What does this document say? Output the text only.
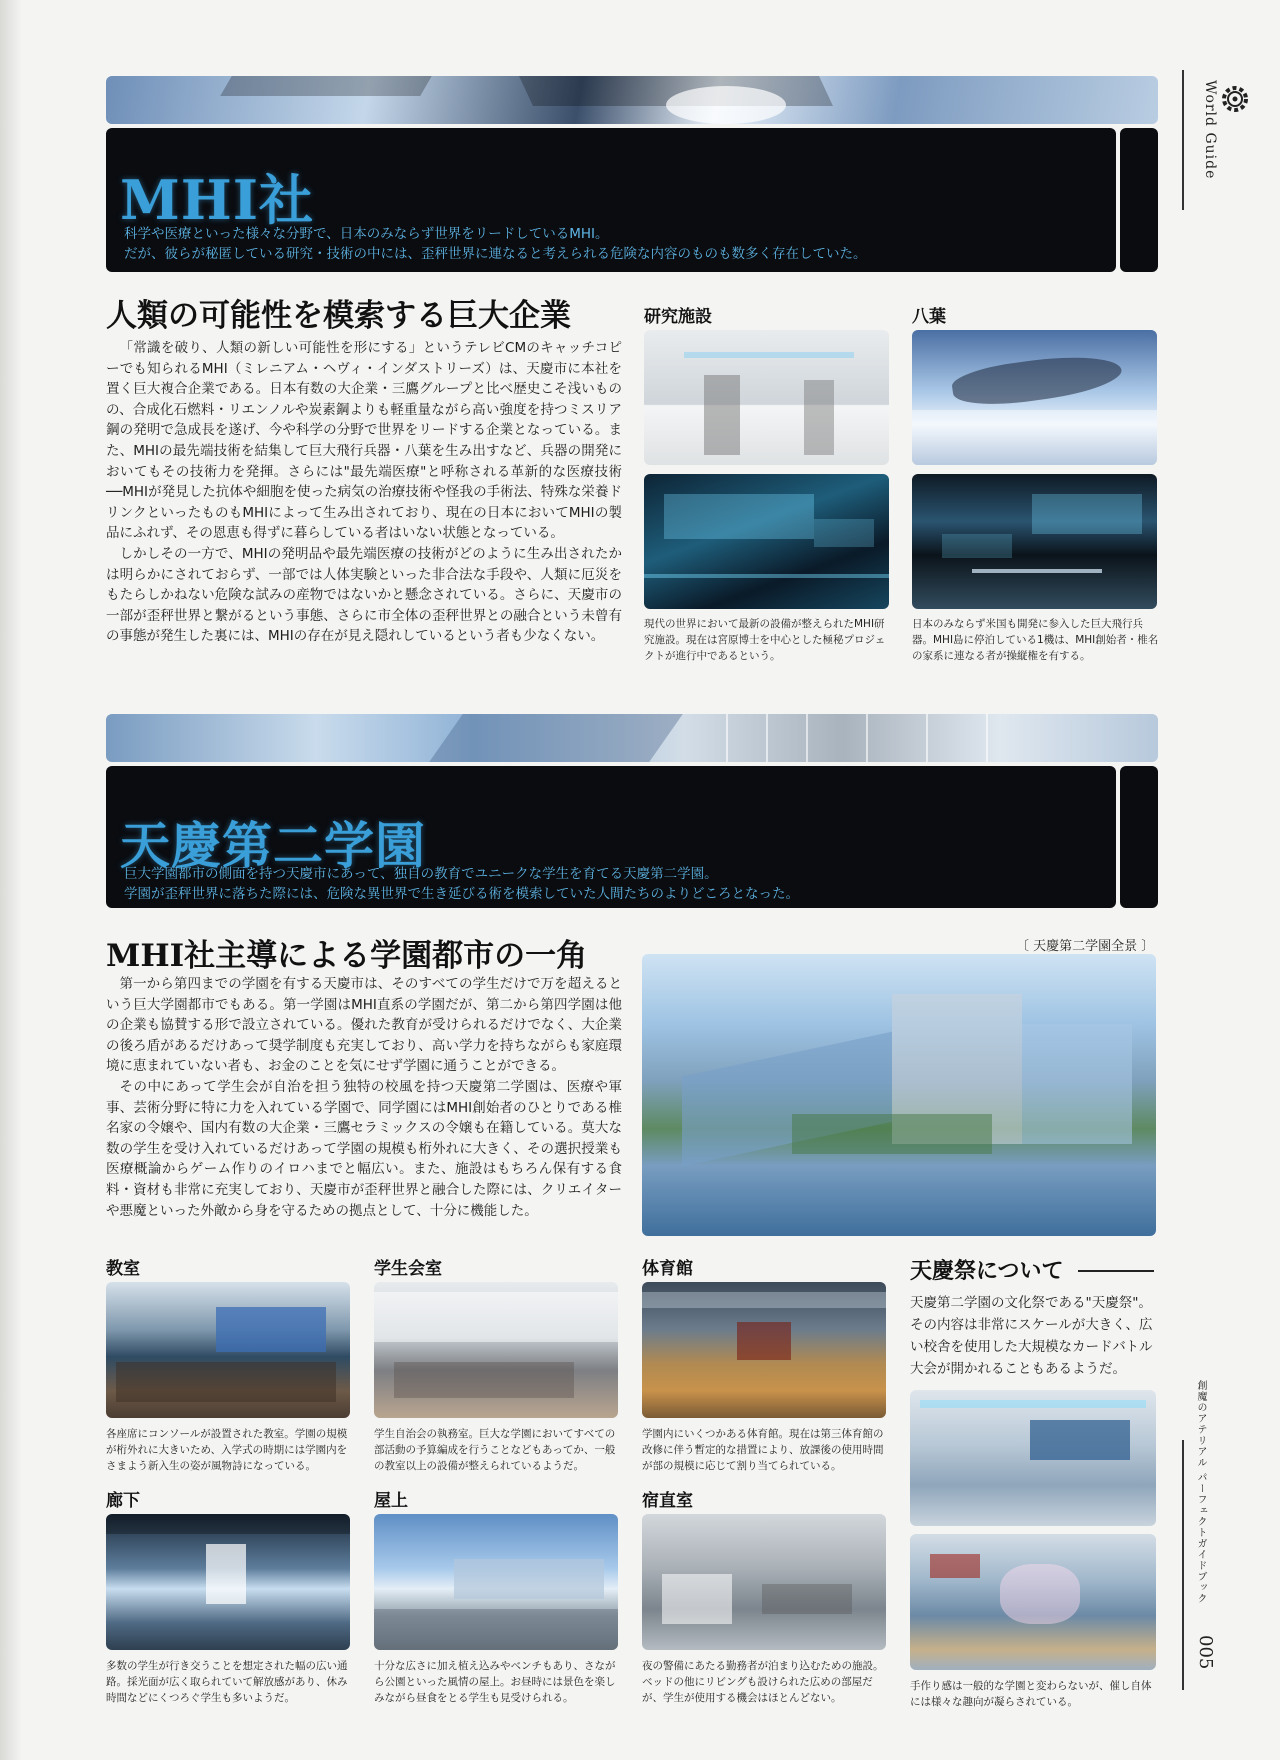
World Guide
創魔のアテリアル パーフェクトガイドブック
005
MHI社
科学や医療といった様々な分野で、日本のみならず世界をリードしているMHI。
だが、彼らが秘匿している研究・技術の中には、歪秤世界に連なると考えられる危険な内容のものも数多く存在していた。
人類の可能性を模索する巨大企業

「常識を破り、人類の新しい可能性を形にする」というテレビCMのキャッチコピーでも知られるMHI（ミレニアム・ヘヴィ・インダストリーズ）は、天慶市に本社を置く巨大複合企業である。日本有数の大企業・三鷹グループと比べ歴史こそ浅いものの、合成化石燃料・リエンノルや炭素鋼よりも軽重量ながら高い強度を持つミスリア鋼の発明で急成長を遂げ、今や科学の分野で世界をリードする企業となっている。また、MHIの最先端技術を結集して巨大飛行兵器・八葉を生み出すなど、兵器の開発においてもその技術力を発揮。さらには"最先端医療"と呼称される革新的な医療技術──MHIが発見した抗体や細胞を使った病気の治療技術や怪我の手術法、特殊な栄養ドリンクといったものもMHIによって生み出されており、現在の日本においてMHIの製品にふれず、その恩恵も得ずに暮らしている者はいない状態となっている。

しかしその一方で、MHIの発明品や最先端医療の技術がどのように生み出されたかは明らかにされておらず、一部では人体実験といった非合法な手段や、人類に厄災をもたらしかねない危険な試みの産物ではないかと懸念されている。さらに、天慶市の一部が歪秤世界と繋がるという事態、さらに市全体の歪秤世界との融合という未曾有の事態が発生した裏には、MHIの存在が見え隠れしているという者も少なくない。

研究施設
現代の世界において最新の設備が整えられたMHI研究施設。現在は宮原博士を中心とした極秘プロジェクトが進行中であるという。
八葉
日本のみならず米国も開発に参入した巨大飛行兵器。MHI島に停泊している1機は、MHI創始者・椎名の家系に連なる者が操縦権を有する。
天慶第二学園
巨大学園都市の側面を持つ天慶市にあって、独自の教育でユニークな学生を育てる天慶第二学園。
学園が歪秤世界に落ちた際には、危険な異世界で生き延びる術を模索していた人間たちのよりどころとなった。
MHI社主導による学園都市の一角

第一から第四までの学園を有する天慶市は、そのすべての学生だけで万を超えるという巨大学園都市でもある。第一学園はMHI直系の学園だが、第二から第四学園は他の企業も協賛する形で設立されている。優れた教育が受けられるだけでなく、大企業の後ろ盾があるだけあって奨学制度も充実しており、高い学力を持ちながらも家庭環境に恵まれていない者も、お金のことを気にせず学園に通うことができる。

その中にあって学生会が自治を担う独特の校風を持つ天慶第二学園は、医療や軍事、芸術分野に特に力を入れている学園で、同学園にはMHI創始者のひとりである椎名家の令嬢や、国内有数の大企業・三鷹セラミックスの令嬢も在籍している。莫大な数の学生を受け入れているだけあって学園の規模も桁外れに大きく、その選択授業も医療概論からゲーム作りのイロハまでと幅広い。また、施設はもちろん保有する食料・資材も非常に充実しており、天慶市が歪秤世界と融合した際には、クリエイターや悪魔といった外敵から身を守るための拠点として、十分に機能した。

〔 天慶第二学園全景 〕
教室
各座席にコンソールが設置された教室。学園の規模が桁外れに大きいため、入学式の時期には学園内をさまよう新入生の姿が風物詩になっている。
学生会室
学生自治会の執務室。巨大な学園においてすべての部活動の予算編成を行うことなどもあってか、一般の教室以上の設備が整えられているようだ。
体育館
学園内にいくつかある体育館。現在は第三体育館の改修に伴う暫定的な措置により、放課後の使用時間が部の規模に応じて割り当てられている。
天慶祭について
天慶第二学園の文化祭である"天慶祭"。その内容は非常にスケールが大きく、広い校舎を使用した大規模なカードバトル大会が開かれることもあるようだ。
手作り感は一般的な学園と変わらないが、催し自体には様々な趣向が凝らされている。
廊下
多数の学生が行き交うことを想定された幅の広い通路。採光面が広く取られていて解放感があり、休み時間などにくつろぐ学生も多いようだ。
屋上
十分な広さに加え植え込みやベンチもあり、さながら公園といった風情の屋上。お昼時には景色を楽しみながら昼食をとる学生も見受けられる。
宿直室
夜の警備にあたる勤務者が泊まり込むための施設。ベッドの他にリビングも設けられた広めの部屋だが、学生が使用する機会はほとんどない。
